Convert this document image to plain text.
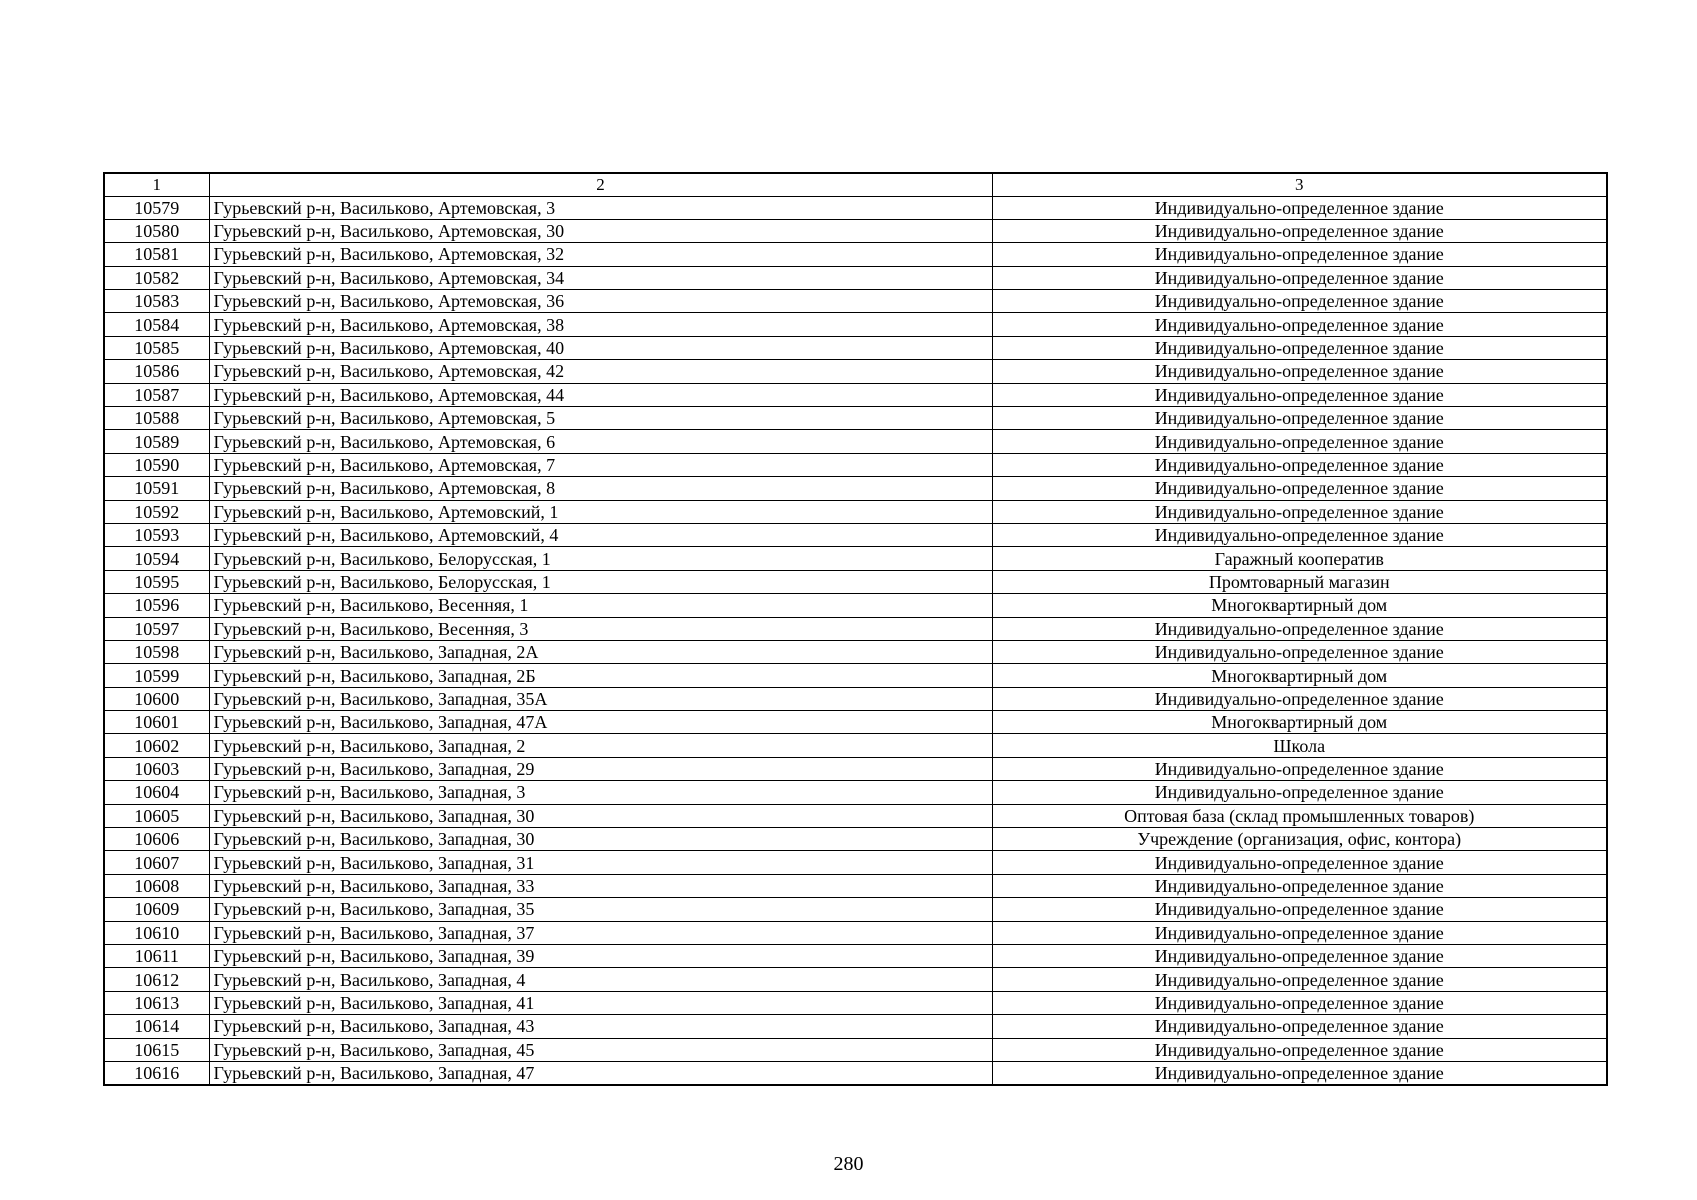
1	2	3
10579	Гурьевский р-н, Васильково, Артемовская, 3	Индивидуально-определенное здание
10580	Гурьевский р-н, Васильково, Артемовская, 30	Индивидуально-определенное здание
10581	Гурьевский р-н, Васильково, Артемовская, 32	Индивидуально-определенное здание
10582	Гурьевский р-н, Васильково, Артемовская, 34	Индивидуально-определенное здание
10583	Гурьевский р-н, Васильково, Артемовская, 36	Индивидуально-определенное здание
10584	Гурьевский р-н, Васильково, Артемовская, 38	Индивидуально-определенное здание
10585	Гурьевский р-н, Васильково, Артемовская, 40	Индивидуально-определенное здание
10586	Гурьевский р-н, Васильково, Артемовская, 42	Индивидуально-определенное здание
10587	Гурьевский р-н, Васильково, Артемовская, 44	Индивидуально-определенное здание
10588	Гурьевский р-н, Васильково, Артемовская, 5	Индивидуально-определенное здание
10589	Гурьевский р-н, Васильково, Артемовская, 6	Индивидуально-определенное здание
10590	Гурьевский р-н, Васильково, Артемовская, 7	Индивидуально-определенное здание
10591	Гурьевский р-н, Васильково, Артемовская, 8	Индивидуально-определенное здание
10592	Гурьевский р-н, Васильково, Артемовский, 1	Индивидуально-определенное здание
10593	Гурьевский р-н, Васильково, Артемовский, 4	Индивидуально-определенное здание
10594	Гурьевский р-н, Васильково, Белорусская, 1	Гаражный кооператив
10595	Гурьевский р-н, Васильково, Белорусская, 1	Промтоварный магазин
10596	Гурьевский р-н, Васильково, Весенняя, 1	Многоквартирный дом
10597	Гурьевский р-н, Васильково, Весенняя, 3	Индивидуально-определенное здание
10598	Гурьевский р-н, Васильково, Западная, 2А	Индивидуально-определенное здание
10599	Гурьевский р-н, Васильково, Западная, 2Б	Многоквартирный дом
10600	Гурьевский р-н, Васильково, Западная, 35А	Индивидуально-определенное здание
10601	Гурьевский р-н, Васильково, Западная, 47А	Многоквартирный дом
10602	Гурьевский р-н, Васильково, Западная, 2	Школа
10603	Гурьевский р-н, Васильково, Западная, 29	Индивидуально-определенное здание
10604	Гурьевский р-н, Васильково, Западная, 3	Индивидуально-определенное здание
10605	Гурьевский р-н, Васильково, Западная, 30	Оптовая база (склад промышленных товаров)
10606	Гурьевский р-н, Васильково, Западная, 30	Учреждение (организация, офис, контора)
10607	Гурьевский р-н, Васильково, Западная, 31	Индивидуально-определенное здание
10608	Гурьевский р-н, Васильково, Западная, 33	Индивидуально-определенное здание
10609	Гурьевский р-н, Васильково, Западная, 35	Индивидуально-определенное здание
10610	Гурьевский р-н, Васильково, Западная, 37	Индивидуально-определенное здание
10611	Гурьевский р-н, Васильково, Западная, 39	Индивидуально-определенное здание
10612	Гурьевский р-н, Васильково, Западная, 4	Индивидуально-определенное здание
10613	Гурьевский р-н, Васильково, Западная, 41	Индивидуально-определенное здание
10614	Гурьевский р-н, Васильково, Западная, 43	Индивидуально-определенное здание
10615	Гурьевский р-н, Васильково, Западная, 45	Индивидуально-определенное здание
10616	Гурьевский р-н, Васильково, Западная, 47	Индивидуально-определенное здание
280
